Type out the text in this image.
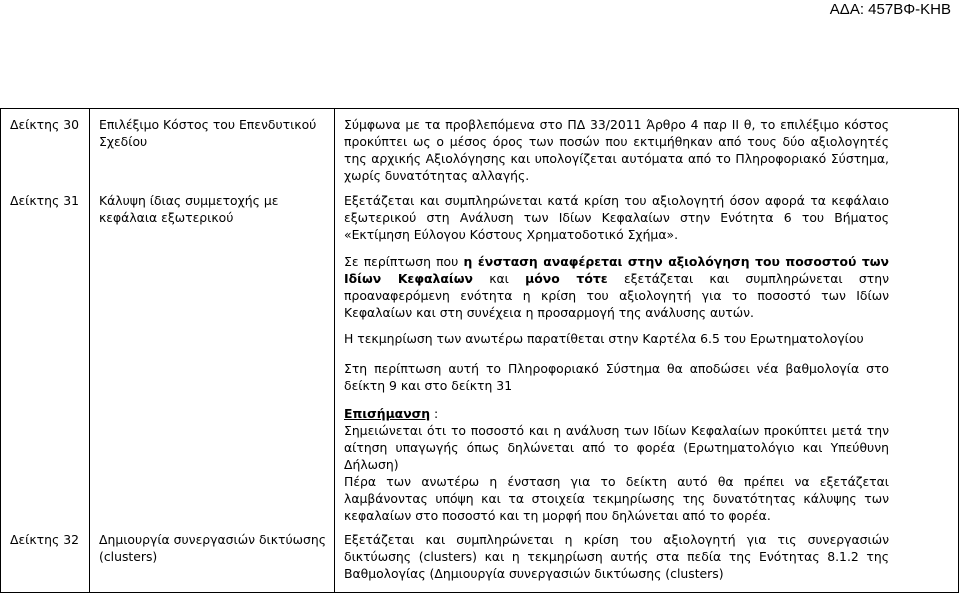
ΑΔΑ: 457ΒΦ-ΚΗΒ
Δείκτης 30 Επιλέξιμο Κόστος του Επενδυτικού Σχεδίου

Σύμφωνα με τα προβλεπόμενα στο ΠΔ 33/2011 Άρθρο 4 παρ ΙΙ θ, το επιλέξιμο κόστος προκύπτει ως ο μέσος όρος των ποσών που εκτιμήθηκαν από τους δύο αξιολογητές της αρχικής Αξιολόγησης και υπολογίζεται αυτόματα από το Πληροφοριακό Σύστημα, χωρίς δυνατότητας αλλαγής.

Δείκτης 31 Κάλυψη ίδιας συμμετοχής με κεφάλαια εξωτερικού

Εξετάζεται και συμπληρώνεται κατά κρίση του αξιολογητή όσον αφορά τα κεφάλαιο εξωτερικού στη Ανάλυση των Ιδίων Κεφαλαίων στην Ενότητα 6 του Βήματος «Εκτίμηση Εύλογου Κόστους Χρηματοδοτικό Σχήμα».

Σε περίπτωση που η ένσταση αναφέρεται στην αξιολόγηση του ποσοστού των Ιδίων Κεφαλαίων και μόνο τότε εξετάζεται και συμπληρώνεται στην προαναφερόμενη ενότητα η κρίση του αξιολογητή για το ποσοστό των Ιδίων Κεφαλαίων και στη συνέχεια η προσαρμογή της ανάλυσης αυτών.

Η τεκμηρίωση των ανωτέρω παρατίθεται στην Καρτέλα 6.5 του Ερωτηματολογίου

Στη περίπτωση αυτή το Πληροφοριακό Σύστημα θα αποδώσει νέα βαθμολογία στο δείκτη 9 και στο δείκτη 31

Επισήμανση :

Σημειώνεται ότι το ποσοστό και η ανάλυση των Ιδίων Κεφαλαίων προκύπτει μετά την αίτηση υπαγωγής όπως δηλώνεται από το φορέα (Ερωτηματολόγιο και Υπεύθυνη Δήλωση)

Πέρα των ανωτέρω η ένσταση για το δείκτη αυτό θα πρέπει να εξετάζεται λαμβάνοντας υπόψη και τα στοιχεία τεκμηρίωσης της δυνατότητας κάλυψης των κεφαλαίων στο ποσοστό και τη μορφή που δηλώνεται από το φορέα.

Δείκτης 32 Δημιουργία συνεργασιών δικτύωσης (clusters)

Εξετάζεται και συμπληρώνεται η κρίση του αξιολογητή για τις συνεργασιών δικτύωσης (clusters) και η τεκμηρίωση αυτής στα πεδία της Ενότητας 8.1.2 της Βαθμολογίας (Δημιουργία συνεργασιών δικτύωσης (clusters)
